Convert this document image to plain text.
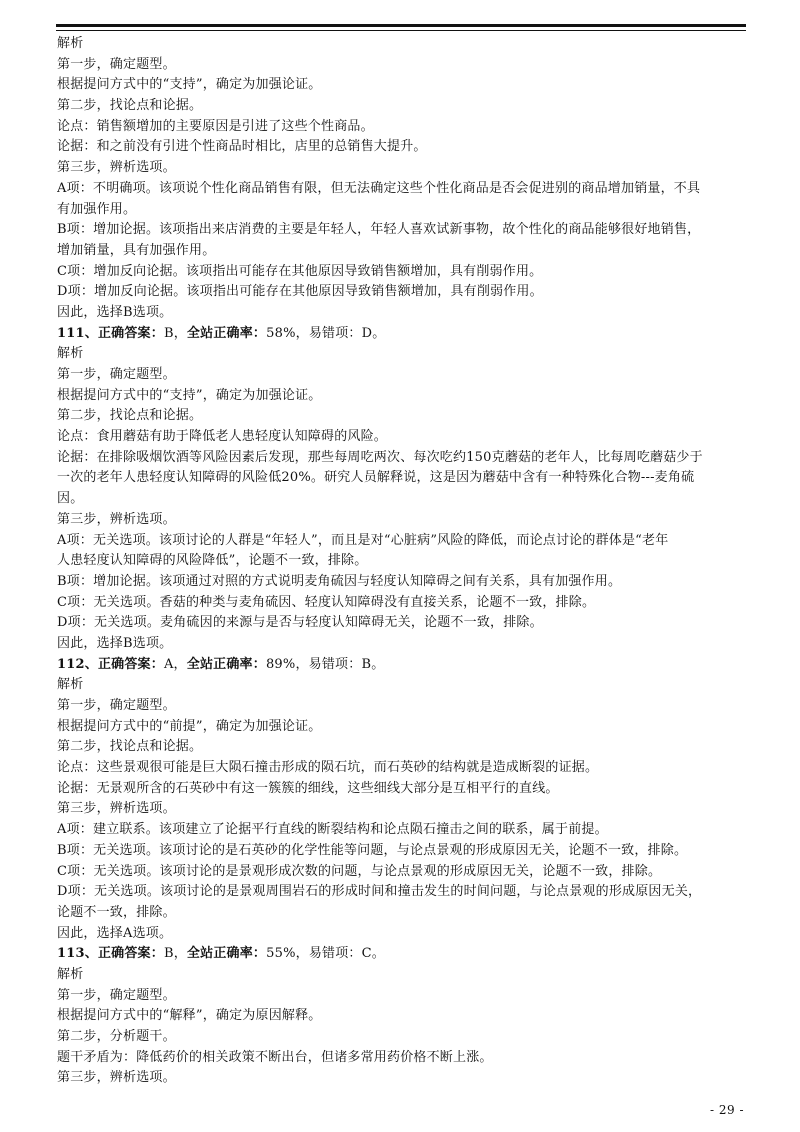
解析
第一步，确定题型。
根据提问方式中的“支持”，确定为加强论证。
第二步，找论点和论据。
论点：销售额增加的主要原因是引进了这些个性商品。
论据：和之前没有引进个性商品时相比，店里的总销售大提升。
第三步，辨析选项。
A项：不明确项。该项说个性化商品销售有限，但无法确定这些个性化商品是否会促进别的商品增加销量，不具
有加强作用。
B项：增加论据。该项指出来店消费的主要是年轻人，年轻人喜欢试新事物，故个性化的商品能够很好地销售，
增加销量，具有加强作用。
C项：增加反向论据。该项指出可能存在其他原因导致销售额增加，具有削弱作用。
D项：增加反向论据。该项指出可能存在其他原因导致销售额增加，具有削弱作用。
因此，选择B选项。
111、正确答案：B，全站正确率：58%，易错项：D。
解析
第一步，确定题型。
根据提问方式中的“支持”，确定为加强论证。
第二步，找论点和论据。
论点：食用蘑菇有助于降低老人患轻度认知障碍的风险。
论据：在排除吸烟饮酒等风险因素后发现，那些每周吃两次、每次吃约150克蘑菇的老年人，比每周吃蘑菇少于
一次的老年人患轻度认知障碍的风险低20%。研究人员解释说，这是因为蘑菇中含有一种特殊化合物---麦角硫
因。
第三步，辨析选项。
A项：无关选项。该项讨论的人群是“年轻人”，而且是对“心脏病”风险的降低，而论点讨论的群体是“老年
人患轻度认知障碍的风险降低”，论题不一致，排除。
B项：增加论据。该项通过对照的方式说明麦角硫因与轻度认知障碍之间有关系，具有加强作用。
C项：无关选项。香菇的种类与麦角硫因、轻度认知障碍没有直接关系，论题不一致，排除。
D项：无关选项。麦角硫因的来源与是否与轻度认知障碍无关，论题不一致，排除。
因此，选择B选项。
112、正确答案：A，全站正确率：89%，易错项：B。
解析
第一步，确定题型。
根据提问方式中的“前提”，确定为加强论证。
第二步，找论点和论据。
论点：这些景观很可能是巨大陨石撞击形成的陨石坑，而石英砂的结构就是造成断裂的证据。
论据：无景观所含的石英砂中有这一簇簇的细线，这些细线大部分是互相平行的直线。
第三步，辨析选项。
A项：建立联系。该项建立了论据平行直线的断裂结构和论点陨石撞击之间的联系，属于前提。
B项：无关选项。该项讨论的是石英砂的化学性能等问题，与论点景观的形成原因无关，论题不一致，排除。
C项：无关选项。该项讨论的是景观形成次数的问题，与论点景观的形成原因无关，论题不一致，排除。
D项：无关选项。该项讨论的是景观周围岩石的形成时间和撞击发生的时间问题，与论点景观的形成原因无关，
论题不一致，排除。
因此，选择A选项。
113、正确答案：B，全站正确率：55%，易错项：C。
解析
第一步，确定题型。
根据提问方式中的“解释”，确定为原因解释。
第二步，分析题干。
题干矛盾为：降低药价的相关政策不断出台，但诸多常用药价格不断上涨。
第三步，辨析选项。
- 29 -
